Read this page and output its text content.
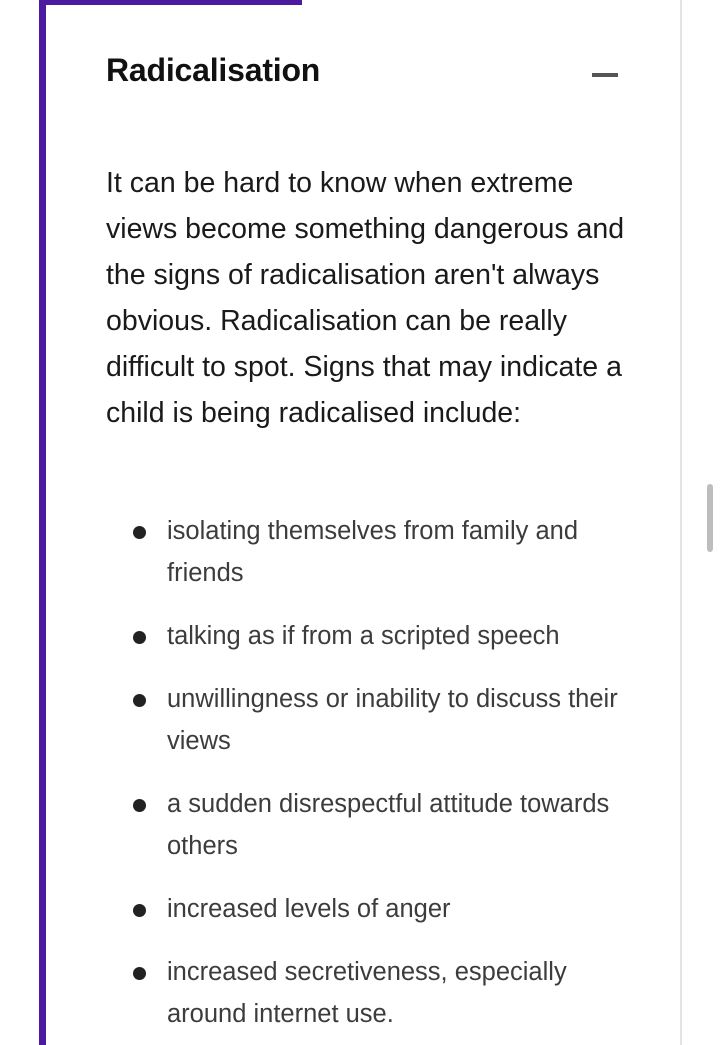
Radicalisation

It can be hard to know when extreme views become something dangerous and the signs of radicalisation aren't always obvious. Radicalisation can be really difficult to spot. Signs that may indicate a child is being radicalised include:

isolating themselves from family and friends
talking as if from a scripted speech
unwillingness or inability to discuss their views
a sudden disrespectful attitude towards others
increased levels of anger
increased secretiveness, especially around internet use.
